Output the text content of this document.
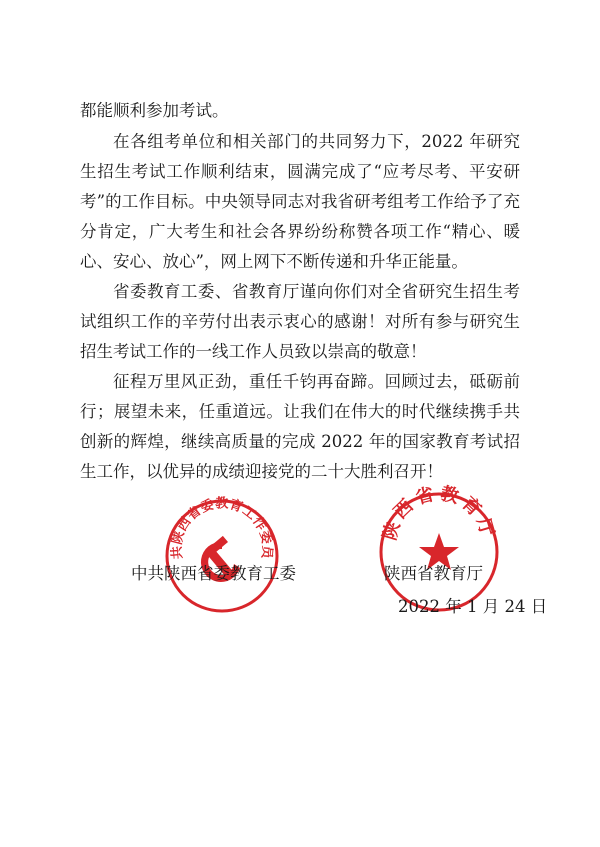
都能顺利参加考试。

在各组考单位和相关部门的共同努力下，2022 年研究生招生考试工作顺利结束，圆满完成了“应考尽考、平安研考”的工作目标。中央领导同志对我省研考组考工作给予了充分肯定，广大考生和社会各界纷纷称赞各项工作“精心、暖心、安心、放心”，网上网下不断传递和升华正能量。

省委教育工委、省教育厅谨向你们对全省研究生招生考试组织工作的辛劳付出表示衷心的感谢！对所有参与研究生招生考试工作的一线工作人员致以崇高的敬意！

征程万里风正劲，重任千钧再奋蹄。回顾过去，砥砺前行；展望未来，任重道远。让我们在伟大的时代继续携手共创新的辉煌，继续高质量的完成 2022 年的国家教育考试招生工作，以优异的成绩迎接党的二十大胜利召开！

中共陕西省委教育工作委员会
陕西省教育厅
中共陕西省委教育工委	陕西省教育厅
2022 年 1 月 24 日
